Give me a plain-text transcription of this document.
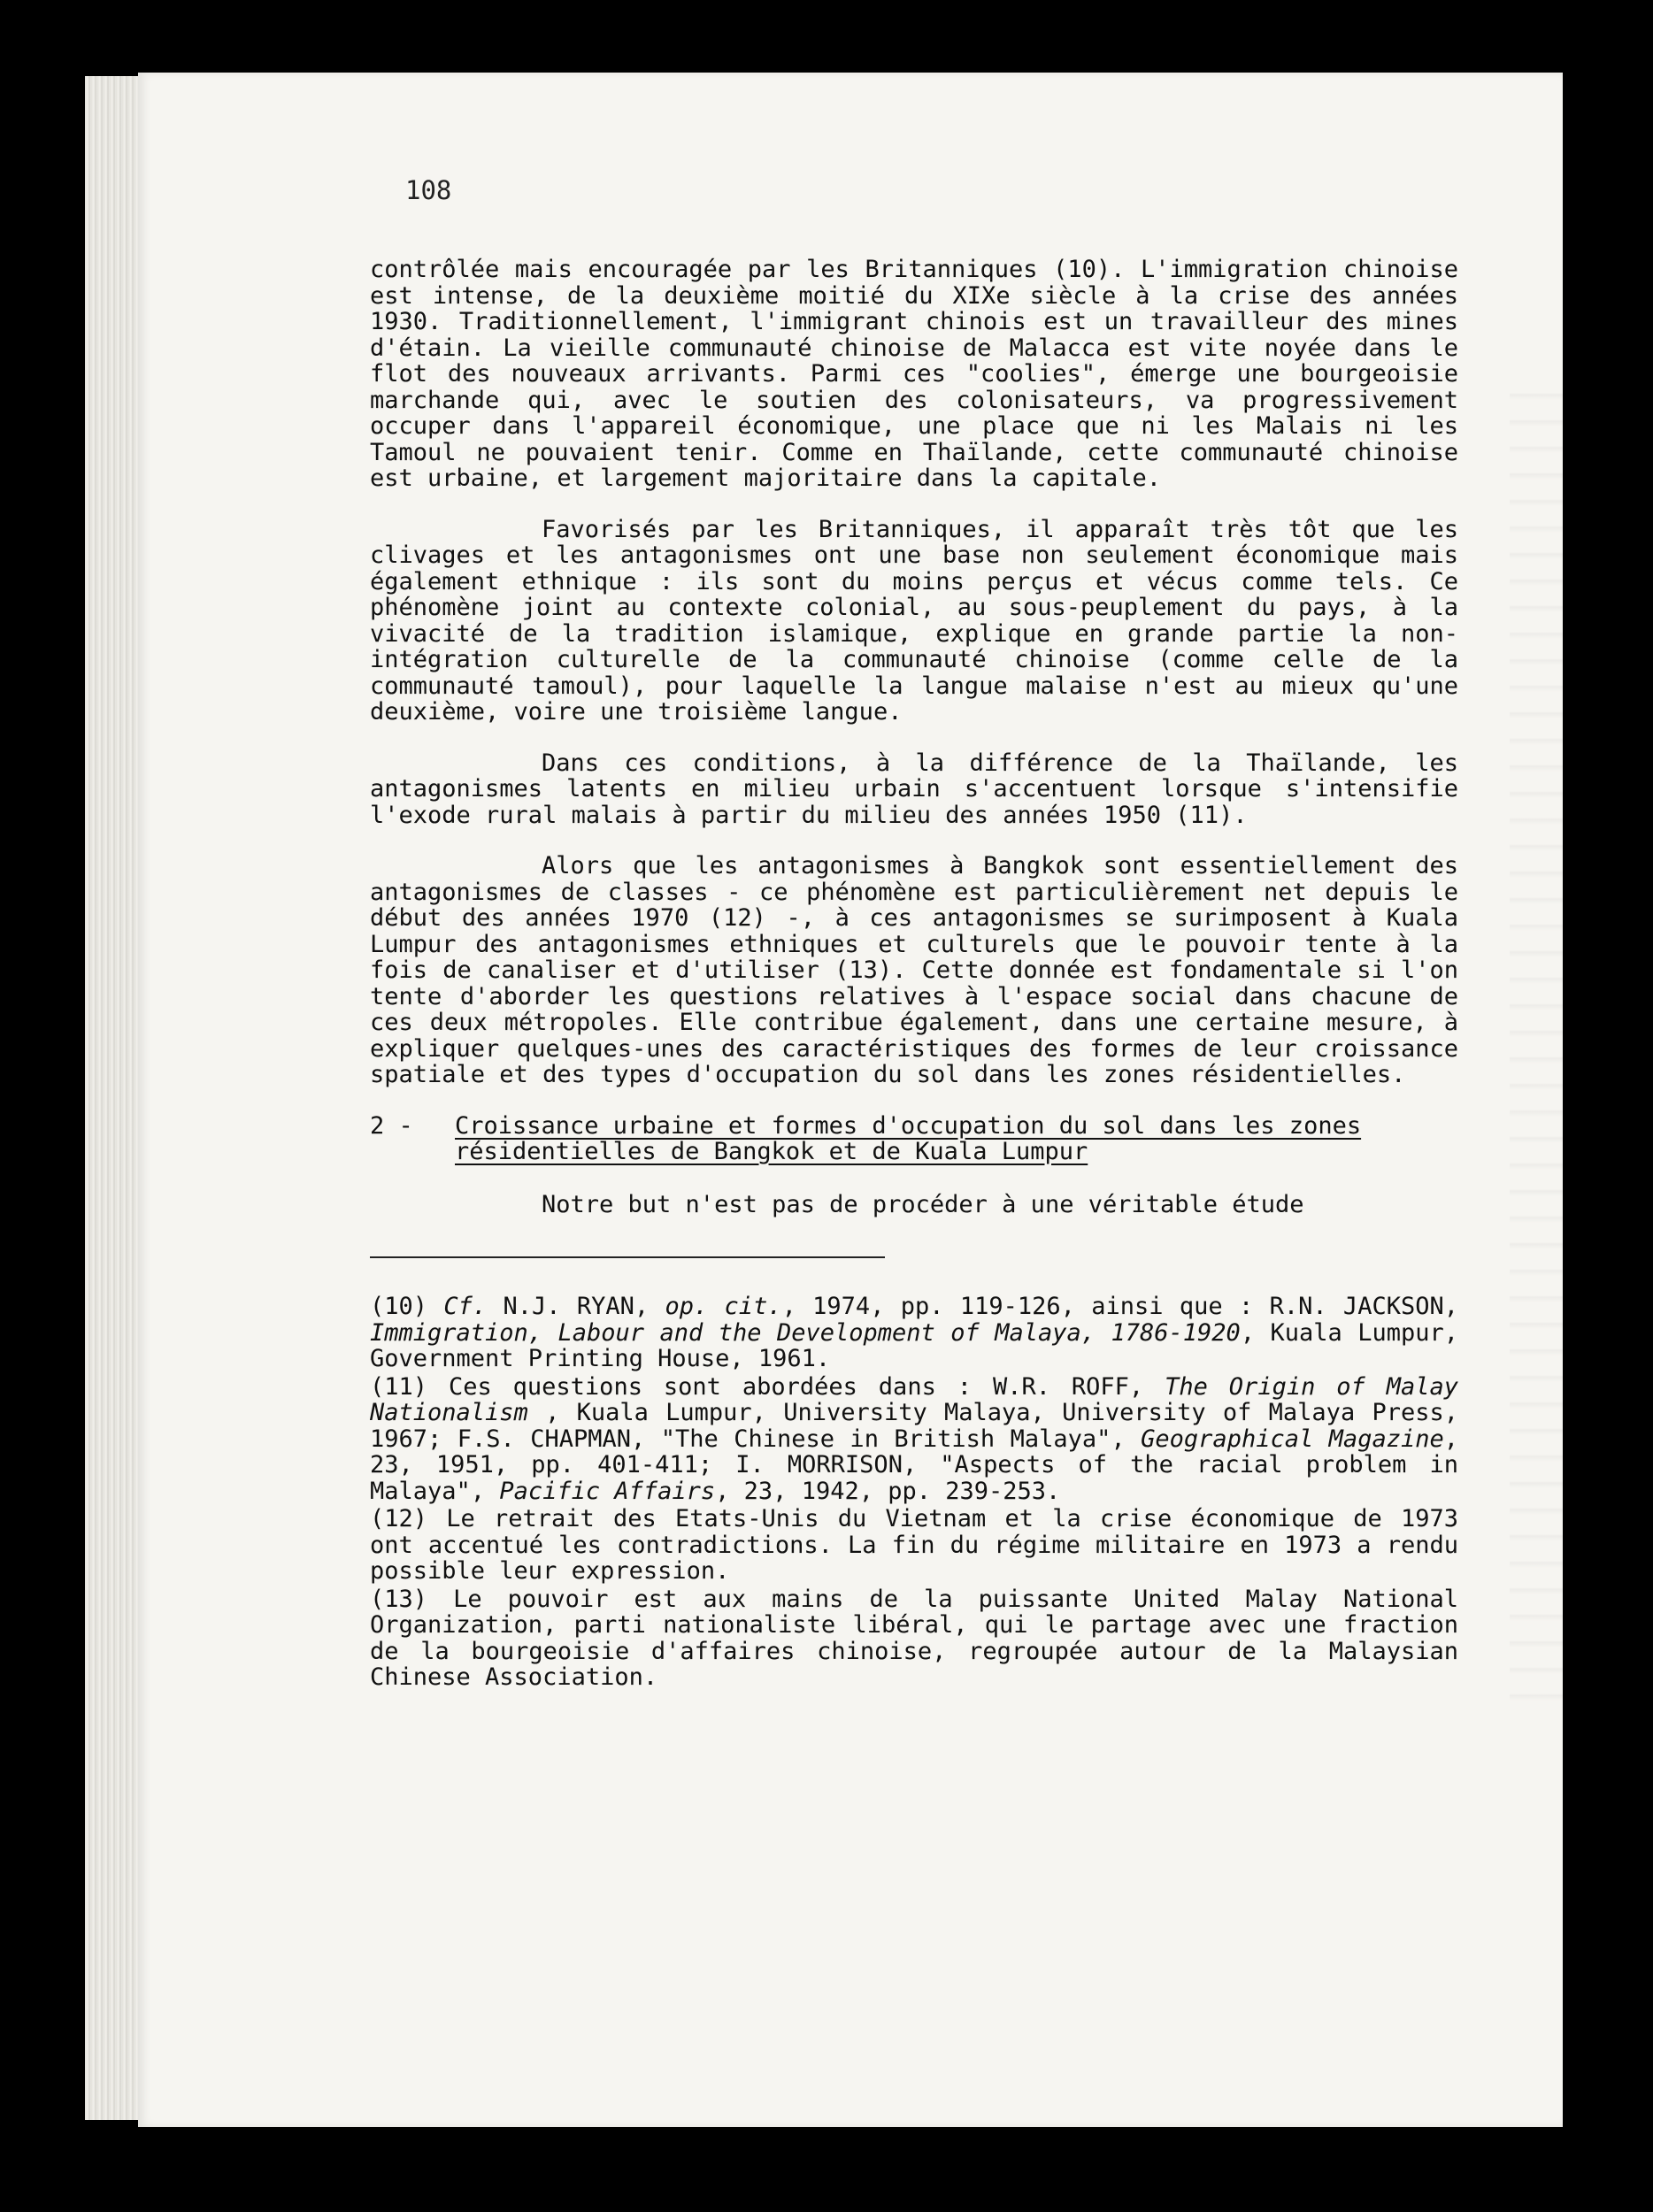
108

contrôlée mais encouragée par les Britanniques (10). L'immigration chinoise est intense, de la deuxième moitié du XIXe siècle à la crise des années 1930. Traditionnellement, l'immigrant chinois est un travailleur des mines d'étain. La vieille communauté chinoise de Malacca est vite noyée dans le flot des nouveaux arrivants. Parmi ces "coolies", émerge une bourgeoisie marchande qui, avec le soutien des colonisateurs, va progressivement occuper dans l'appareil économique, une place que ni les Malais ni les Tamoul ne pouvaient tenir. Comme en Thaïlande, cette communauté chinoise est urbaine, et largement majoritaire dans la capitale.

Favorisés par les Britanniques, il apparaît très tôt que les clivages et les antagonismes ont une base non seulement économique mais également ethnique : ils sont du moins perçus et vécus comme tels. Ce phénomène joint au contexte colonial, au sous-peuplement du pays, à la vivacité de la tradition islamique, explique en grande partie la non-intégration culturelle de la communauté chinoise (comme celle de la communauté tamoul), pour laquelle la langue malaise n'est au mieux qu'une deuxième, voire une troisième langue.

Dans ces conditions, à la différence de la Thaïlande, les antagonismes latents en milieu urbain s'accentuent lorsque s'intensifie l'exode rural malais à partir du milieu des années 1950 (11).

Alors que les antagonismes à Bangkok sont essentiellement des antagonismes de classes - ce phénomène est particulièrement net depuis le début des années 1970 (12) -, à ces antagonismes se surimposent à Kuala Lumpur des antagonismes ethniques et culturels que le pouvoir tente à la fois de canaliser et d'utiliser (13). Cette donnée est fondamentale si l'on tente d'aborder les questions relatives à l'espace social dans chacune de ces deux métropoles. Elle contribue également, dans une certaine mesure, à expliquer quelques-unes des caractéristiques des formes de leur croissance spatiale et des types d'occupation du sol dans les zones résidentielles.

2 -	Croissance urbaine et formes d'occupation du sol dans les zones résidentielles de Bangkok et de Kuala Lumpur

Notre but n'est pas de procéder à une véritable étude

(10) Cf. N.J. RYAN, op. cit., 1974, pp. 119-126, ainsi que : R.N. JACKSON, Immigration, Labour and the Development of Malaya, 1786-1920, Kuala Lumpur, Government Printing House, 1961.

(11) Ces questions sont abordées dans : W.R. ROFF, The Origin of Malay Nationalism , Kuala Lumpur, University Malaya, University of Malaya Press, 1967; F.S. CHAPMAN, "The Chinese in British Malaya", Geographical Magazine, 23, 1951, pp. 401-411; I. MORRISON, "Aspects of the racial problem in Malaya", Pacific Affairs, 23, 1942, pp. 239-253.

(12) Le retrait des Etats-Unis du Vietnam et la crise économique de 1973 ont accentué les contradictions. La fin du régime militaire en 1973 a rendu possible leur expression.

(13) Le pouvoir est aux mains de la puissante United Malay National Organization, parti nationaliste libéral, qui le partage avec une fraction de la bourgeoisie d'affaires chinoise, regroupée autour de la Malaysian Chinese Association.
